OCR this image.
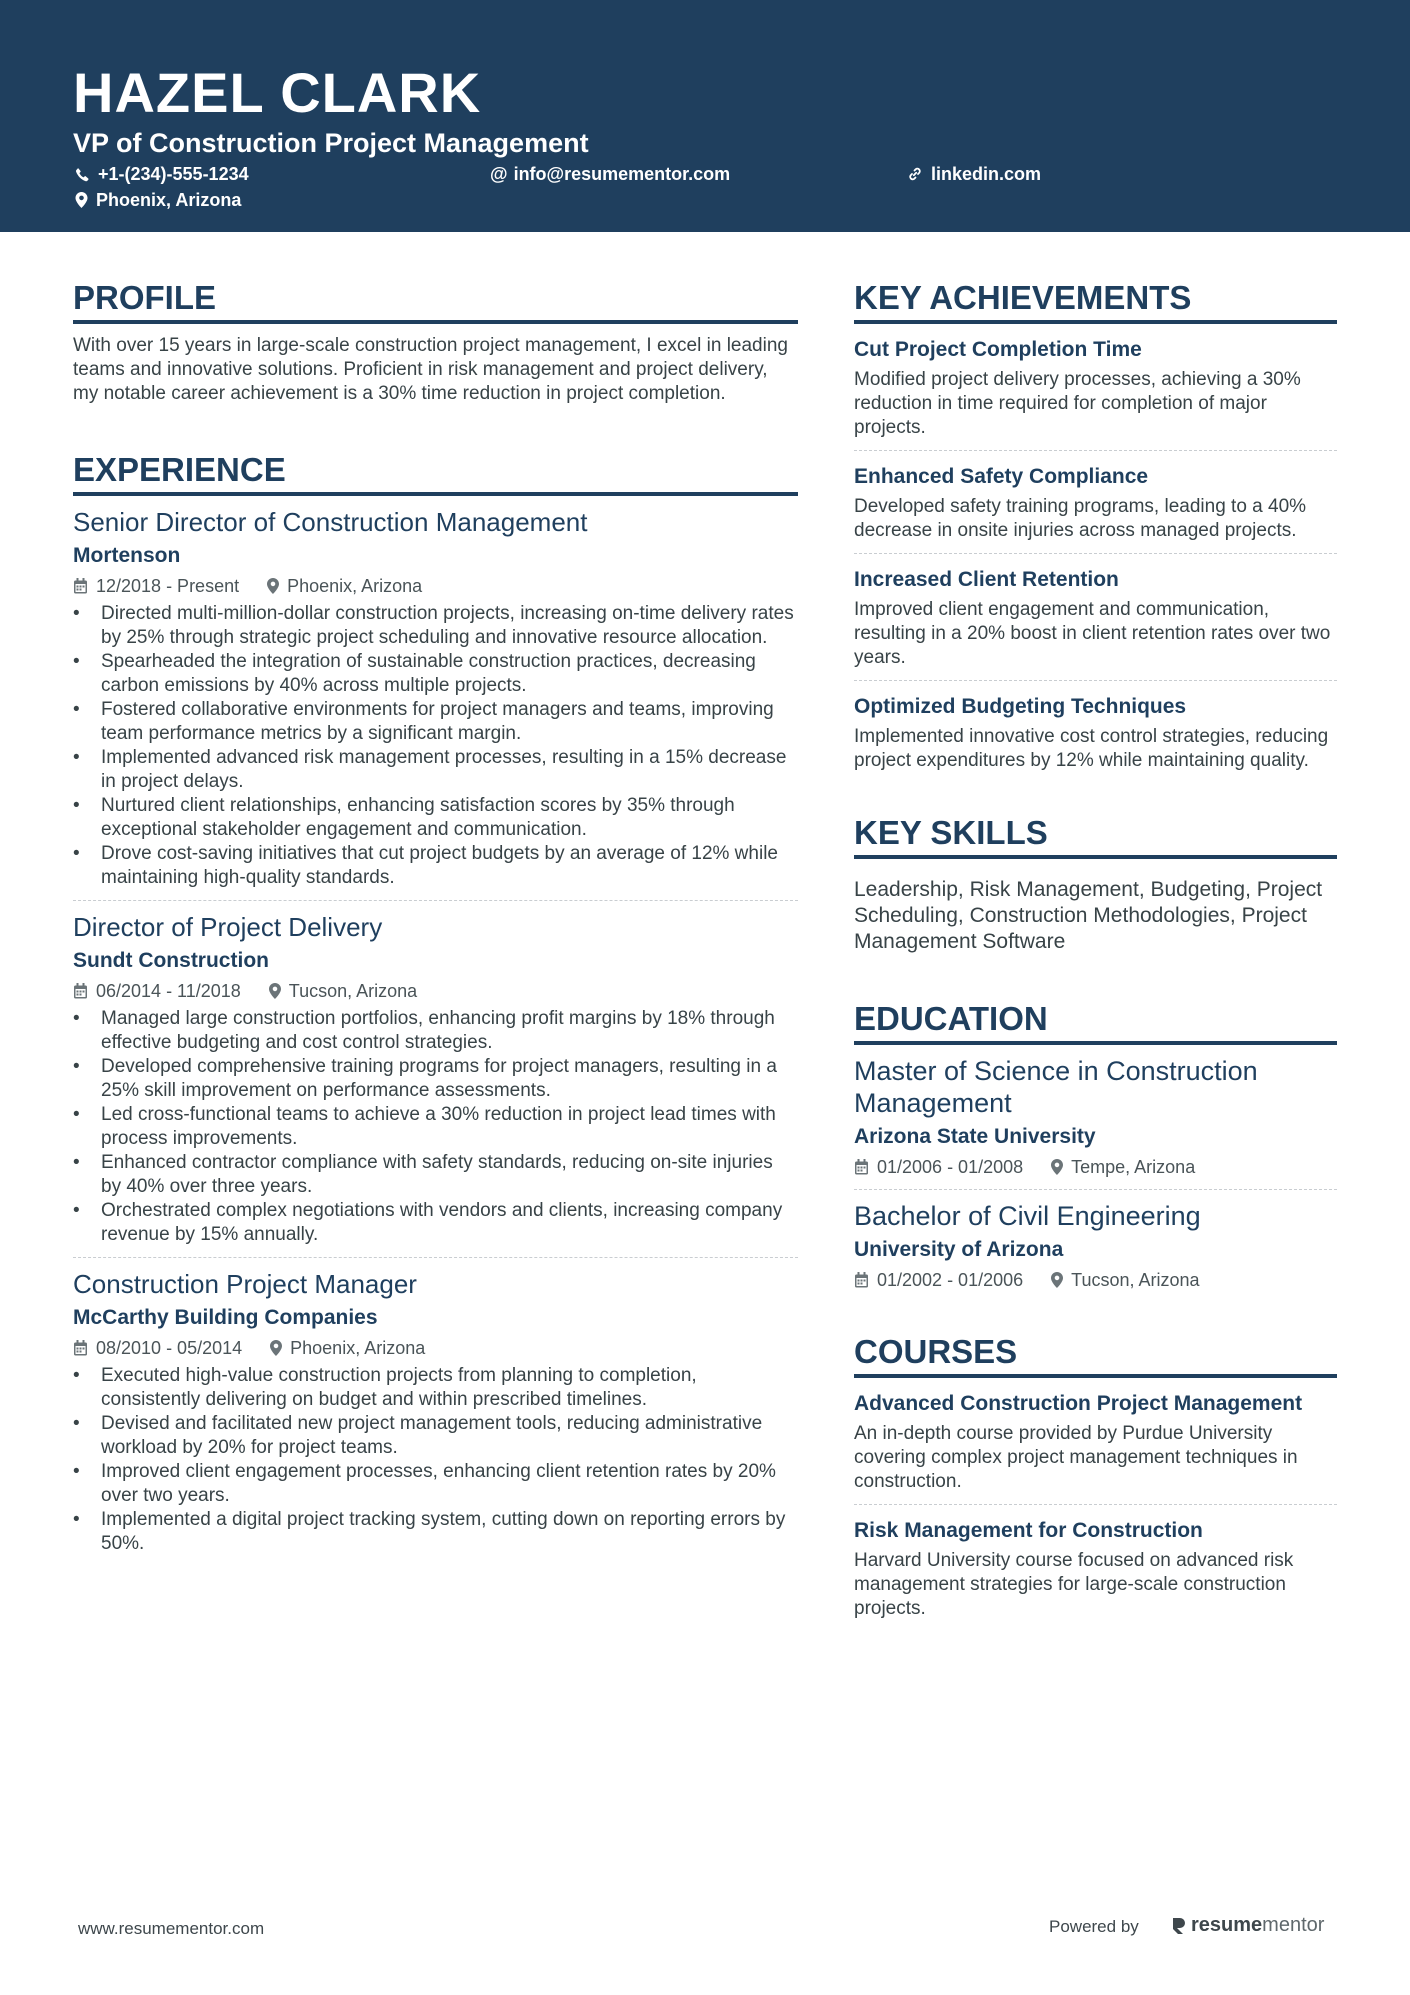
HAZEL CLARK
VP of Construction Project Management
+1-(234)-555-1234	@ info@resumementor.com	linkedin.com
Phoenix, Arizona
PROFILE
With over 15 years in large-scale construction project management, I excel in leading teams and innovative solutions. Proficient in risk management and project delivery, my notable career achievement is a 30% time reduction in project completion.
EXPERIENCE
Senior Director of Construction Management
Mortenson
12/2018 - Present	Phoenix, Arizona
• Directed multi-million-dollar construction projects, increasing on-time delivery rates by 25% through strategic project scheduling and innovative resource allocation.
• Spearheaded the integration of sustainable construction practices, decreasing carbon emissions by 40% across multiple projects.
• Fostered collaborative environments for project managers and teams, improving team performance metrics by a significant margin.
• Implemented advanced risk management processes, resulting in a 15% decrease in project delays.
• Nurtured client relationships, enhancing satisfaction scores by 35% through exceptional stakeholder engagement and communication.
• Drove cost-saving initiatives that cut project budgets by an average of 12% while maintaining high-quality standards.
Director of Project Delivery
Sundt Construction
06/2014 - 11/2018	Tucson, Arizona
• Managed large construction portfolios, enhancing profit margins by 18% through effective budgeting and cost control strategies.
• Developed comprehensive training programs for project managers, resulting in a 25% skill improvement on performance assessments.
• Led cross-functional teams to achieve a 30% reduction in project lead times with process improvements.
• Enhanced contractor compliance with safety standards, reducing on-site injuries by 40% over three years.
• Orchestrated complex negotiations with vendors and clients, increasing company revenue by 15% annually.
Construction Project Manager
McCarthy Building Companies
08/2010 - 05/2014	Phoenix, Arizona
• Executed high-value construction projects from planning to completion, consistently delivering on budget and within prescribed timelines.
• Devised and facilitated new project management tools, reducing administrative workload by 20% for project teams.
• Improved client engagement processes, enhancing client retention rates by 20% over two years.
• Implemented a digital project tracking system, cutting down on reporting errors by 50%.
KEY ACHIEVEMENTS
Cut Project Completion Time
Modified project delivery processes, achieving a 30% reduction in time required for completion of major projects.
Enhanced Safety Compliance
Developed safety training programs, leading to a 40% decrease in onsite injuries across managed projects.
Increased Client Retention
Improved client engagement and communication, resulting in a 20% boost in client retention rates over two years.
Optimized Budgeting Techniques
Implemented innovative cost control strategies, reducing project expenditures by 12% while maintaining quality.
KEY SKILLS
Leadership, Risk Management, Budgeting, Project Scheduling, Construction Methodologies, Project Management Software
EDUCATION
Master of Science in Construction Management
Arizona State University
01/2006 - 01/2008	Tempe, Arizona
Bachelor of Civil Engineering
University of Arizona
01/2002 - 01/2006	Tucson, Arizona
COURSES
Advanced Construction Project Management
An in-depth course provided by Purdue University covering complex project management techniques in construction.
Risk Management for Construction
Harvard University course focused on advanced risk management strategies for large-scale construction projects.
www.resumementor.com	Powered by	resume mentor
